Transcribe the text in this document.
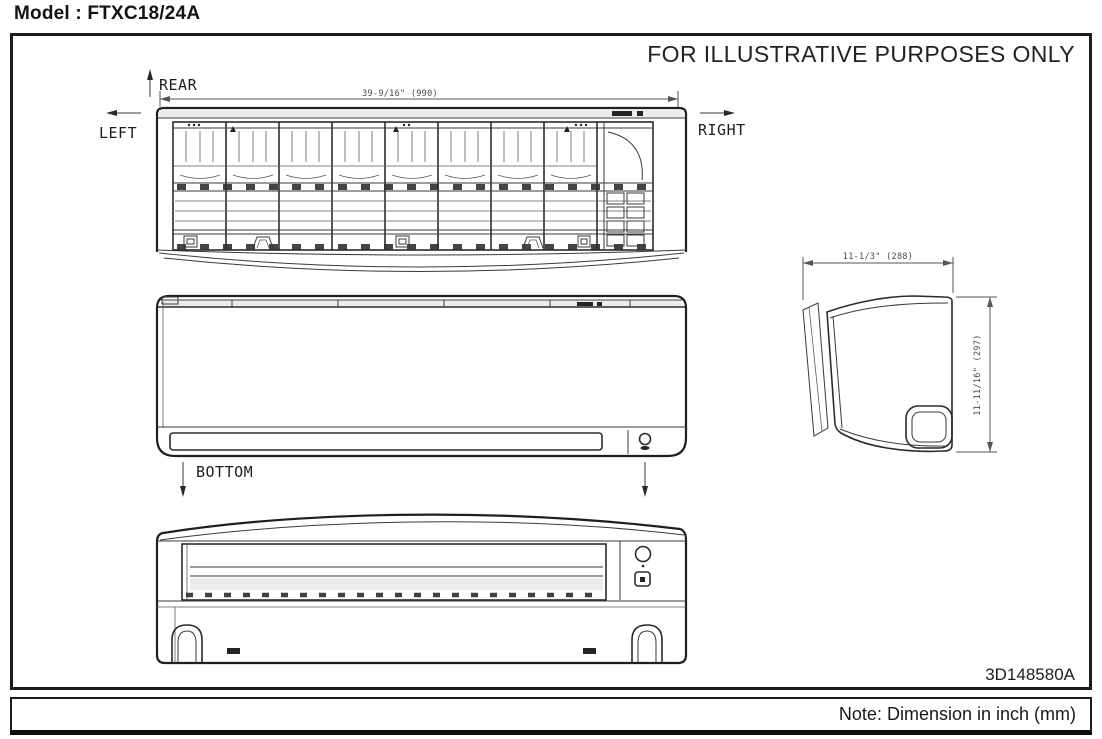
Model : FTXC18/24A
FOR ILLUSTRATIVE PURPOSES ONLY
3D148580A
REAR
LEFT	RIGHT
BOTTOM
39-9/16" (990)
11-1/3" (288)
11-11/16" (297)
Note: Dimension in inch (mm)
